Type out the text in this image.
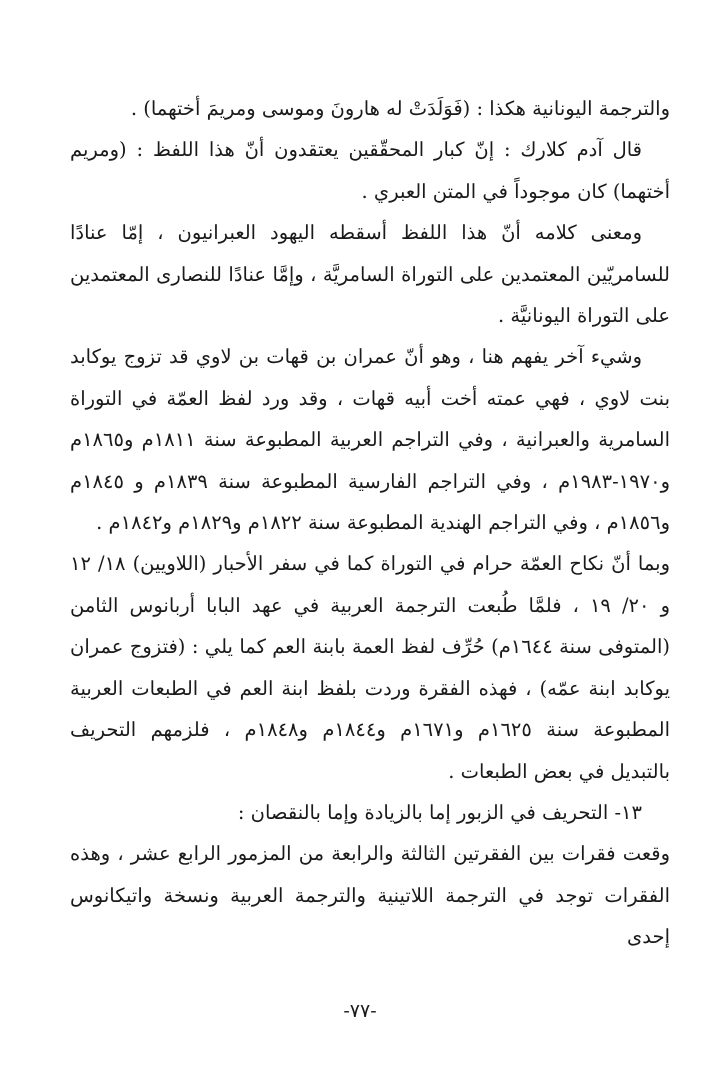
والترجمة اليونانية هكذا : (فَوَلَدَتْ له هارونَ وموسى ومريمَ أختهما) .

قال آدم كلارك : إنّ كبار المحقّقين يعتقدون أنّ هذا اللفظ : (ومريم أختهما) كان موجوداً في المتن العبري .

ومعنى كلامه أنّ هذا اللفظ أسقطه اليهود العبرانيون ، إمّا عنادًا للسامريّين المعتمدين على التوراة السامريَّة ، وإمَّا عنادًا للنصارى المعتمدين على التوراة اليونانيَّة .

وشيء آخر يفهم هنا ، وهو أنّ عمران بن قهات بن لاوي قد تزوج يوكابد بنت لاوي ، فهي عمته أخت أبيه قهات ، وقد ورد لفظ العمّة في التوراة السامرية والعبرانية ، وفي التراجم العربية المطبوعة سنة ١٨١١م و١٨٦٥م و١٩٧٠-١٩٨٣م ، وفي التراجم الفارسية المطبوعة سنة ١٨٣٩م و ١٨٤٥م و١٨٥٦م ، وفي التراجم الهندية المطبوعة سنة ١٨٢٢م و١٨٢٩م و١٨٤٢م .

وبما أنّ نكاح العمّة حرام في التوراة كما في سفر الأحبار (اللاويين) ١٨/ ١٢ و ٢٠/ ١٩ ، فلمَّا طُبعت الترجمة العربية في عهد البابا أربانوس الثامن (المتوفى سنة ١٦٤٤م) حُرِّف لفظ العمة بابنة العم كما يلي : (فتزوج عمران يوكابد ابنة عمّه) ، فهذه الفقرة وردت بلفظ ابنة العم في الطبعات العربية المطبوعة سنة ١٦٢٥م و١٦٧١م و١٨٤٤م و١٨٤٨م ، فلزمهم التحريف بالتبديل في بعض الطبعات .

١٣- التحريف في الزبور إما بالزيادة وإما بالنقصان :

وقعت فقرات بين الفقرتين الثالثة والرابعة من المزمور الرابع عشر ، وهذه الفقرات توجد في الترجمة اللاتينية والترجمة العربية ونسخة واتيكانوس إحدى

-٧٧-
